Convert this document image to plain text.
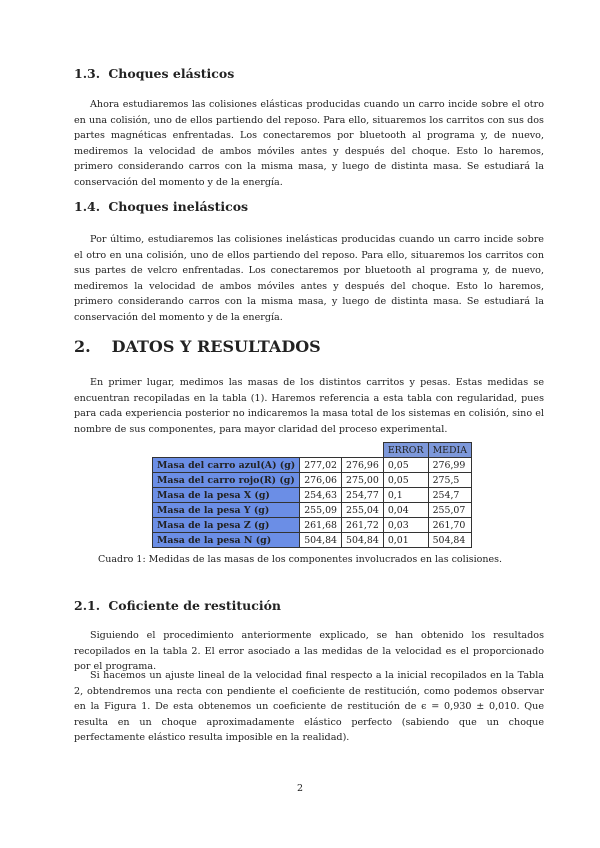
1.3. Choques elásticos

Ahora estudiaremos las colisiones elásticas producidas cuando un carro incide sobre el otro en una colisión, uno de ellos partiendo del reposo. Para ello, situaremos los carritos con sus dos partes magnéticas enfrentadas. Los conectaremos por bluetooth al programa y, de nuevo, mediremos la velocidad de ambos móviles antes y después del choque. Esto lo haremos, primero considerando carros con la misma masa, y luego de distinta masa. Se estudiará la conservación del momento y de la energía.

1.4. Choques inelásticos

Por último, estudiaremos las colisiones inelásticas producidas cuando un carro incide sobre el otro en una colisión, uno de ellos partiendo del reposo. Para ello, situaremos los carritos con sus partes de velcro enfrentadas. Los conectaremos por bluetooth al programa y, de nuevo, mediremos la velocidad de ambos móviles antes y después del choque. Esto lo haremos, primero considerando carros con la misma masa, y luego de distinta masa. Se estudiará la conservación del momento y de la energía.

2. DATOS Y RESULTADOS

En primer lugar, medimos las masas de los distintos carritos y pesas. Estas medidas se encuentran recopiladas en la tabla (1). Haremos referencia a esta tabla con regularidad, pues para cada experiencia posterior no indicaremos la masa total de los sistemas en colisión, sino el nombre de sus componentes, para mayor claridad del proceso experimental.

			ERROR	MEDIA
Masa del carro azul(A) (g)	277,02	276,96	0,05	276,99
Masa del carro rojo(R) (g)	276,06	275,00	0,05	275,5
Masa de la pesa X (g)	254,63	254,77	0,1	254,7
Masa de la pesa Y (g)	255,09	255,04	0,04	255,07
Masa de la pesa Z (g)	261,68	261,72	0,03	261,70
Masa de la pesa N (g)	504,84	504,84	0,01	504,84
Cuadro 1: Medidas de las masas de los componentes involucrados en las colisiones.
2.1. Coficiente de restitución

Siguiendo el procedimiento anteriormente explicado, se han obtenido los resultados recopilados en la tabla 2. El error asociado a las medidas de la velocidad es el proporcionado por el programa.

Si hacemos un ajuste lineal de la velocidad final respecto a la inicial recopilados en la Tabla 2, obtendremos una recta con pendiente el coeficiente de restitución, como podemos observar en la Figura 1. De esta obtenemos un coeficiente de restitución de ϵ = 0,930 ± 0,010. Que resulta en un choque aproximadamente elástico perfecto (sabiendo que un choque perfectamente elástico resulta imposible en la realidad).

2
